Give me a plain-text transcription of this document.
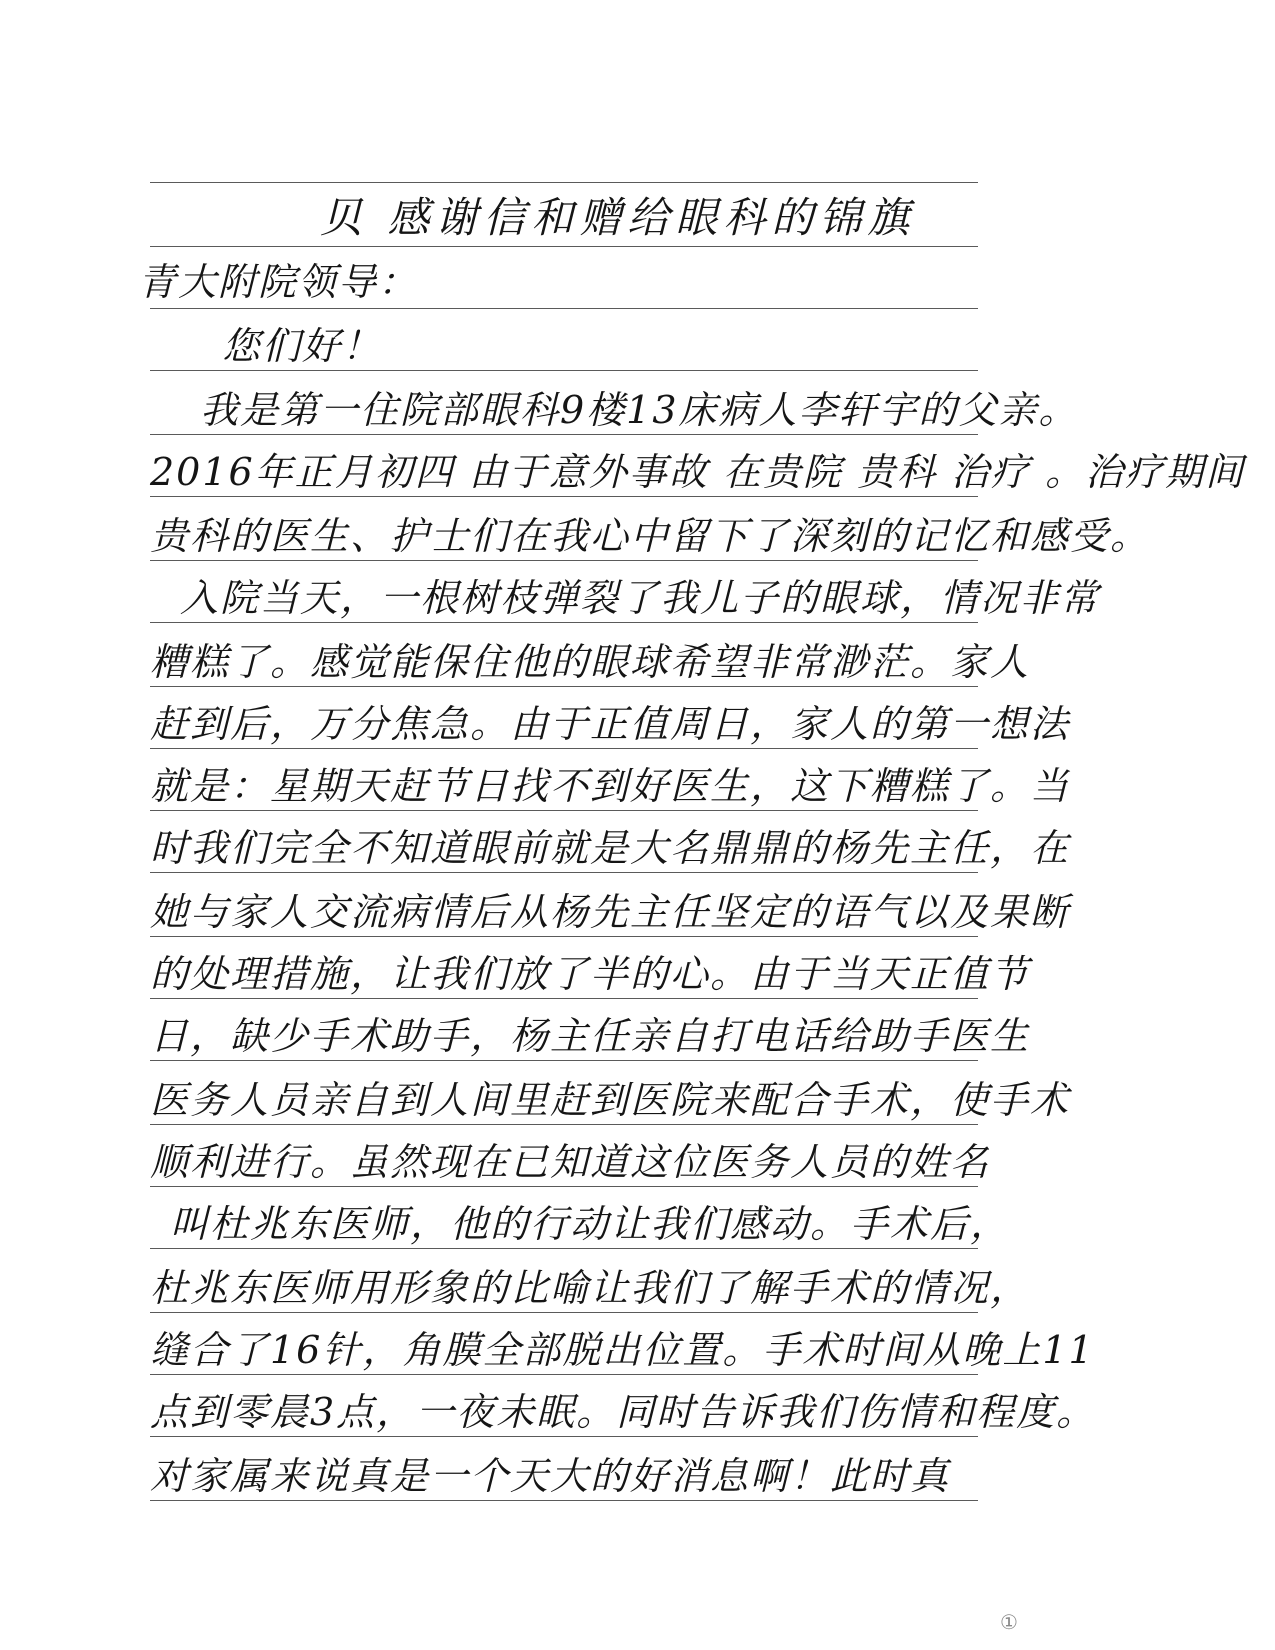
贝 感谢信和赠给眼科的锦旗
青大附院领导：
您们好！
我是第一住院部眼科9楼13床病人李轩宇的父亲。
2016年正月初四 由于意外事故 在贵院 贵科 治疗 。治疗期间
贵科的医生、护士们在我心中留下了深刻的记忆和感受。
入院当天，一根树枝弹裂了我儿子的眼球，情况非常
糟糕了。感觉能保住他的眼球希望非常渺茫。家人
赶到后，万分焦急。由于正值周日，家人的第一想法
就是：星期天赶节日找不到好医生，这下糟糕了。当
时我们完全不知道眼前就是大名鼎鼎的杨先主任，在
她与家人交流病情后从杨先主任坚定的语气以及果断
的处理措施，让我们放了半的心。由于当天正值节
日，缺少手术助手，杨主任亲自打电话给助手医生
医务人员亲自到人间里赶到医院来配合手术，使手术
顺利进行。虽然现在已知道这位医务人员的姓名
叫杜兆东医师，他的行动让我们感动。手术后，
杜兆东医师用形象的比喻让我们了解手术的情况，
缝合了16针，角膜全部脱出位置。手术时间从晚上11
点到零晨3点，一夜未眠。同时告诉我们伤情和程度。
对家属来说真是一个天大的好消息啊！此时真
①
